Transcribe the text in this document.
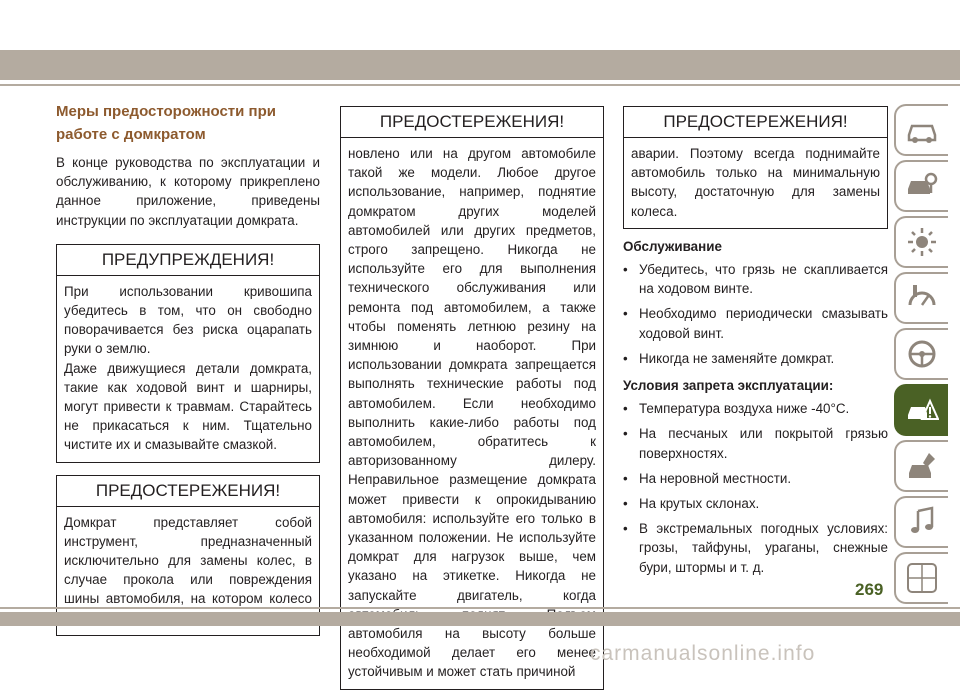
Меры предосторожности при
работе с домкратом

В конце руководства по эксплуатации и обслуживанию, к которому прикреплено данное приложение, приведены инструкции по эксплуатации домкрата.

ПРЕДУПРЕЖДЕНИЯ!
При использовании кривошипа убедитесь в том, что он свободно поворачивается без риска оцарапать руки о землю.
Даже движущиеся детали домкрата, такие как ходовой винт и шарниры, могут привести к травмам. Старайтесь не прикасаться к ним. Тщательно чистите их и смазывайте смазкой.
ПРЕДОСТЕРЕЖЕНИЯ!
Домкрат представляет собой инструмент, предназначенный исключительно для замены колес, в случае прокола или повреждения шины автомобиля, на котором колесо
ПРЕДОСТЕРЕЖЕНИЯ!
новлено или на другом автомобиле такой же модели. Любое другое использование, например, поднятие домкратом других моделей автомобилей или других предметов, строго запрещено. Никогда не используйте его для выполнения технического обслуживания или ремонта под автомобилем, а также чтобы поменять летнюю резину на зимнюю и наоборот. При использовании домкрата запрещается выполнять технические работы под автомобилем. Если необходимо выполнить какие-либо работы под автомобилем, обратитесь к авторизованному дилеру. Неправильное размещение домкрата может привести к опрокидыванию автомобиля: используйте его только в указанном положении. Не используйте домкрат для нагрузок выше, чем указано на этикетке. Никогда не запускайте двигатель, когда автомобиля на высоту больше необходимой делает его менее устойчивым и может стать причиной
ПРЕДОСТЕРЕЖЕНИЯ!
аварии. Поэтому всегда поднимайте автомобиль только на минимальную высоту, достаточную для замены колеса.
Обслуживание
• Убедитесь, что грязь не скапливается на ходовом винте.
• Необходимо периодически смазывать ходовой винт.
• Никогда не заменяйте домкрат.
Условия запрета эксплуатации:
• Температура воздуха ниже -40°C.
• На песчаных или покрытой грязью поверхностях.
• На неровной местности.
• На крутых склонах.
• В экстремальных погодных условиях: грозы, тайфуны, ураганы, снежные бури, штормы и т. д.
269
carmanualsonline.info
